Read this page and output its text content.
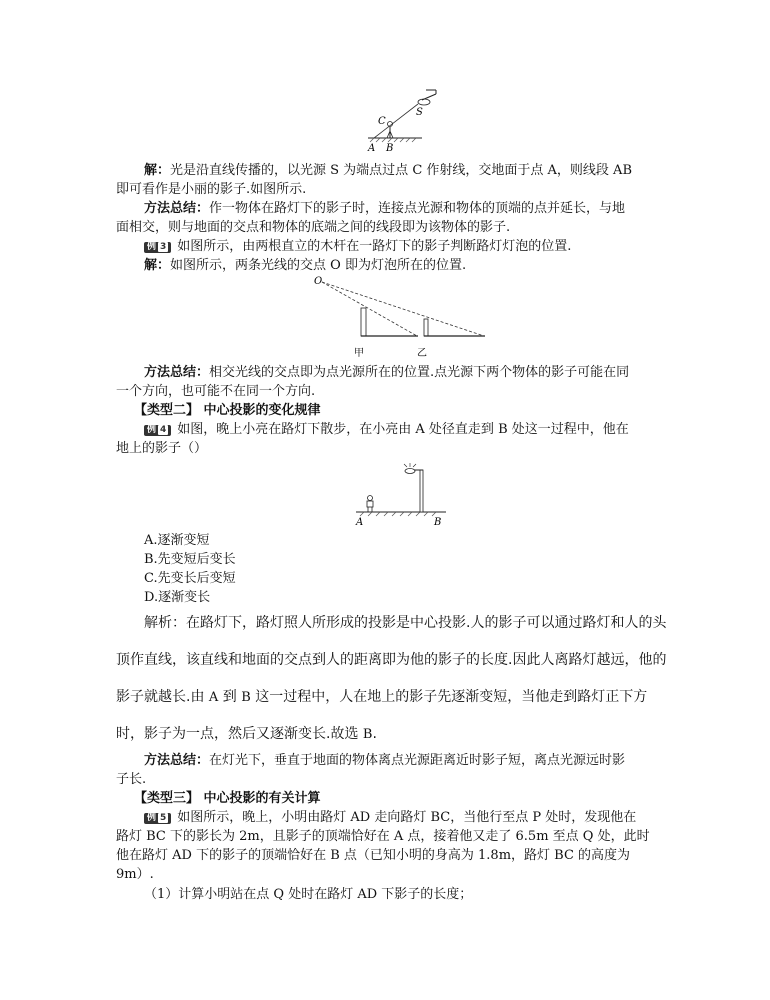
C
S
A B
解：光是沿直线传播的，以光源 S 为端点过点 C 作射线，交地面于点 A，则线段 AB
即可看作是小丽的影子.如图所示.
方法总结：作一物体在路灯下的影子时，连接点光源和物体的顶端的点并延长，与地
面相交，则与地面的交点和物体的底端之间的线段即为该物体的影子.
例 3 如图所示，由两根直立的木杆在一路灯下的影子判断路灯灯泡的位置.
解：如图所示，两条光线的交点 O 即为灯泡所在的位置.
O
甲	乙
方法总结：相交光线的交点即为点光源所在的位置.点光源下两个物体的影子可能在同
一个方向，也可能不在同一个方向.
【类型二】 中心投影的变化规律
例 4 如图，晚上小亮在路灯下散步，在小亮由 A 处径直走到 B 处这一过程中，他在
地上的影子（）
A	B
A.逐渐变短
B.先变短后变长
C.先变长后变短
D.逐渐变长
解析：在路灯下，路灯照人所形成的投影是中心投影.人的影子可以通过路灯和人的头
顶作直线，该直线和地面的交点到人的距离即为他的影子的长度.因此人离路灯越远，他的
影子就越长.由 A 到 B 这一过程中，人在地上的影子先逐渐变短，当他走到路灯正下方
时，影子为一点，然后又逐渐变长.故选 B.
方法总结：在灯光下，垂直于地面的物体离点光源距离近时影子短，离点光源远时影
子长.
【类型三】 中心投影的有关计算
例 5 如图所示，晚上，小明由路灯 AD 走向路灯 BC，当他行至点 P 处时，发现他在
路灯 BC 下的影长为 2m，且影子的顶端恰好在 A 点，接着他又走了 6.5m 至点 Q 处，此时
他在路灯 AD 下的影子的顶端恰好在 B 点（已知小明的身高为 1.8m，路灯 BC 的高度为
9m）.
（1）计算小明站在点 Q 处时在路灯 AD 下影子的长度；
